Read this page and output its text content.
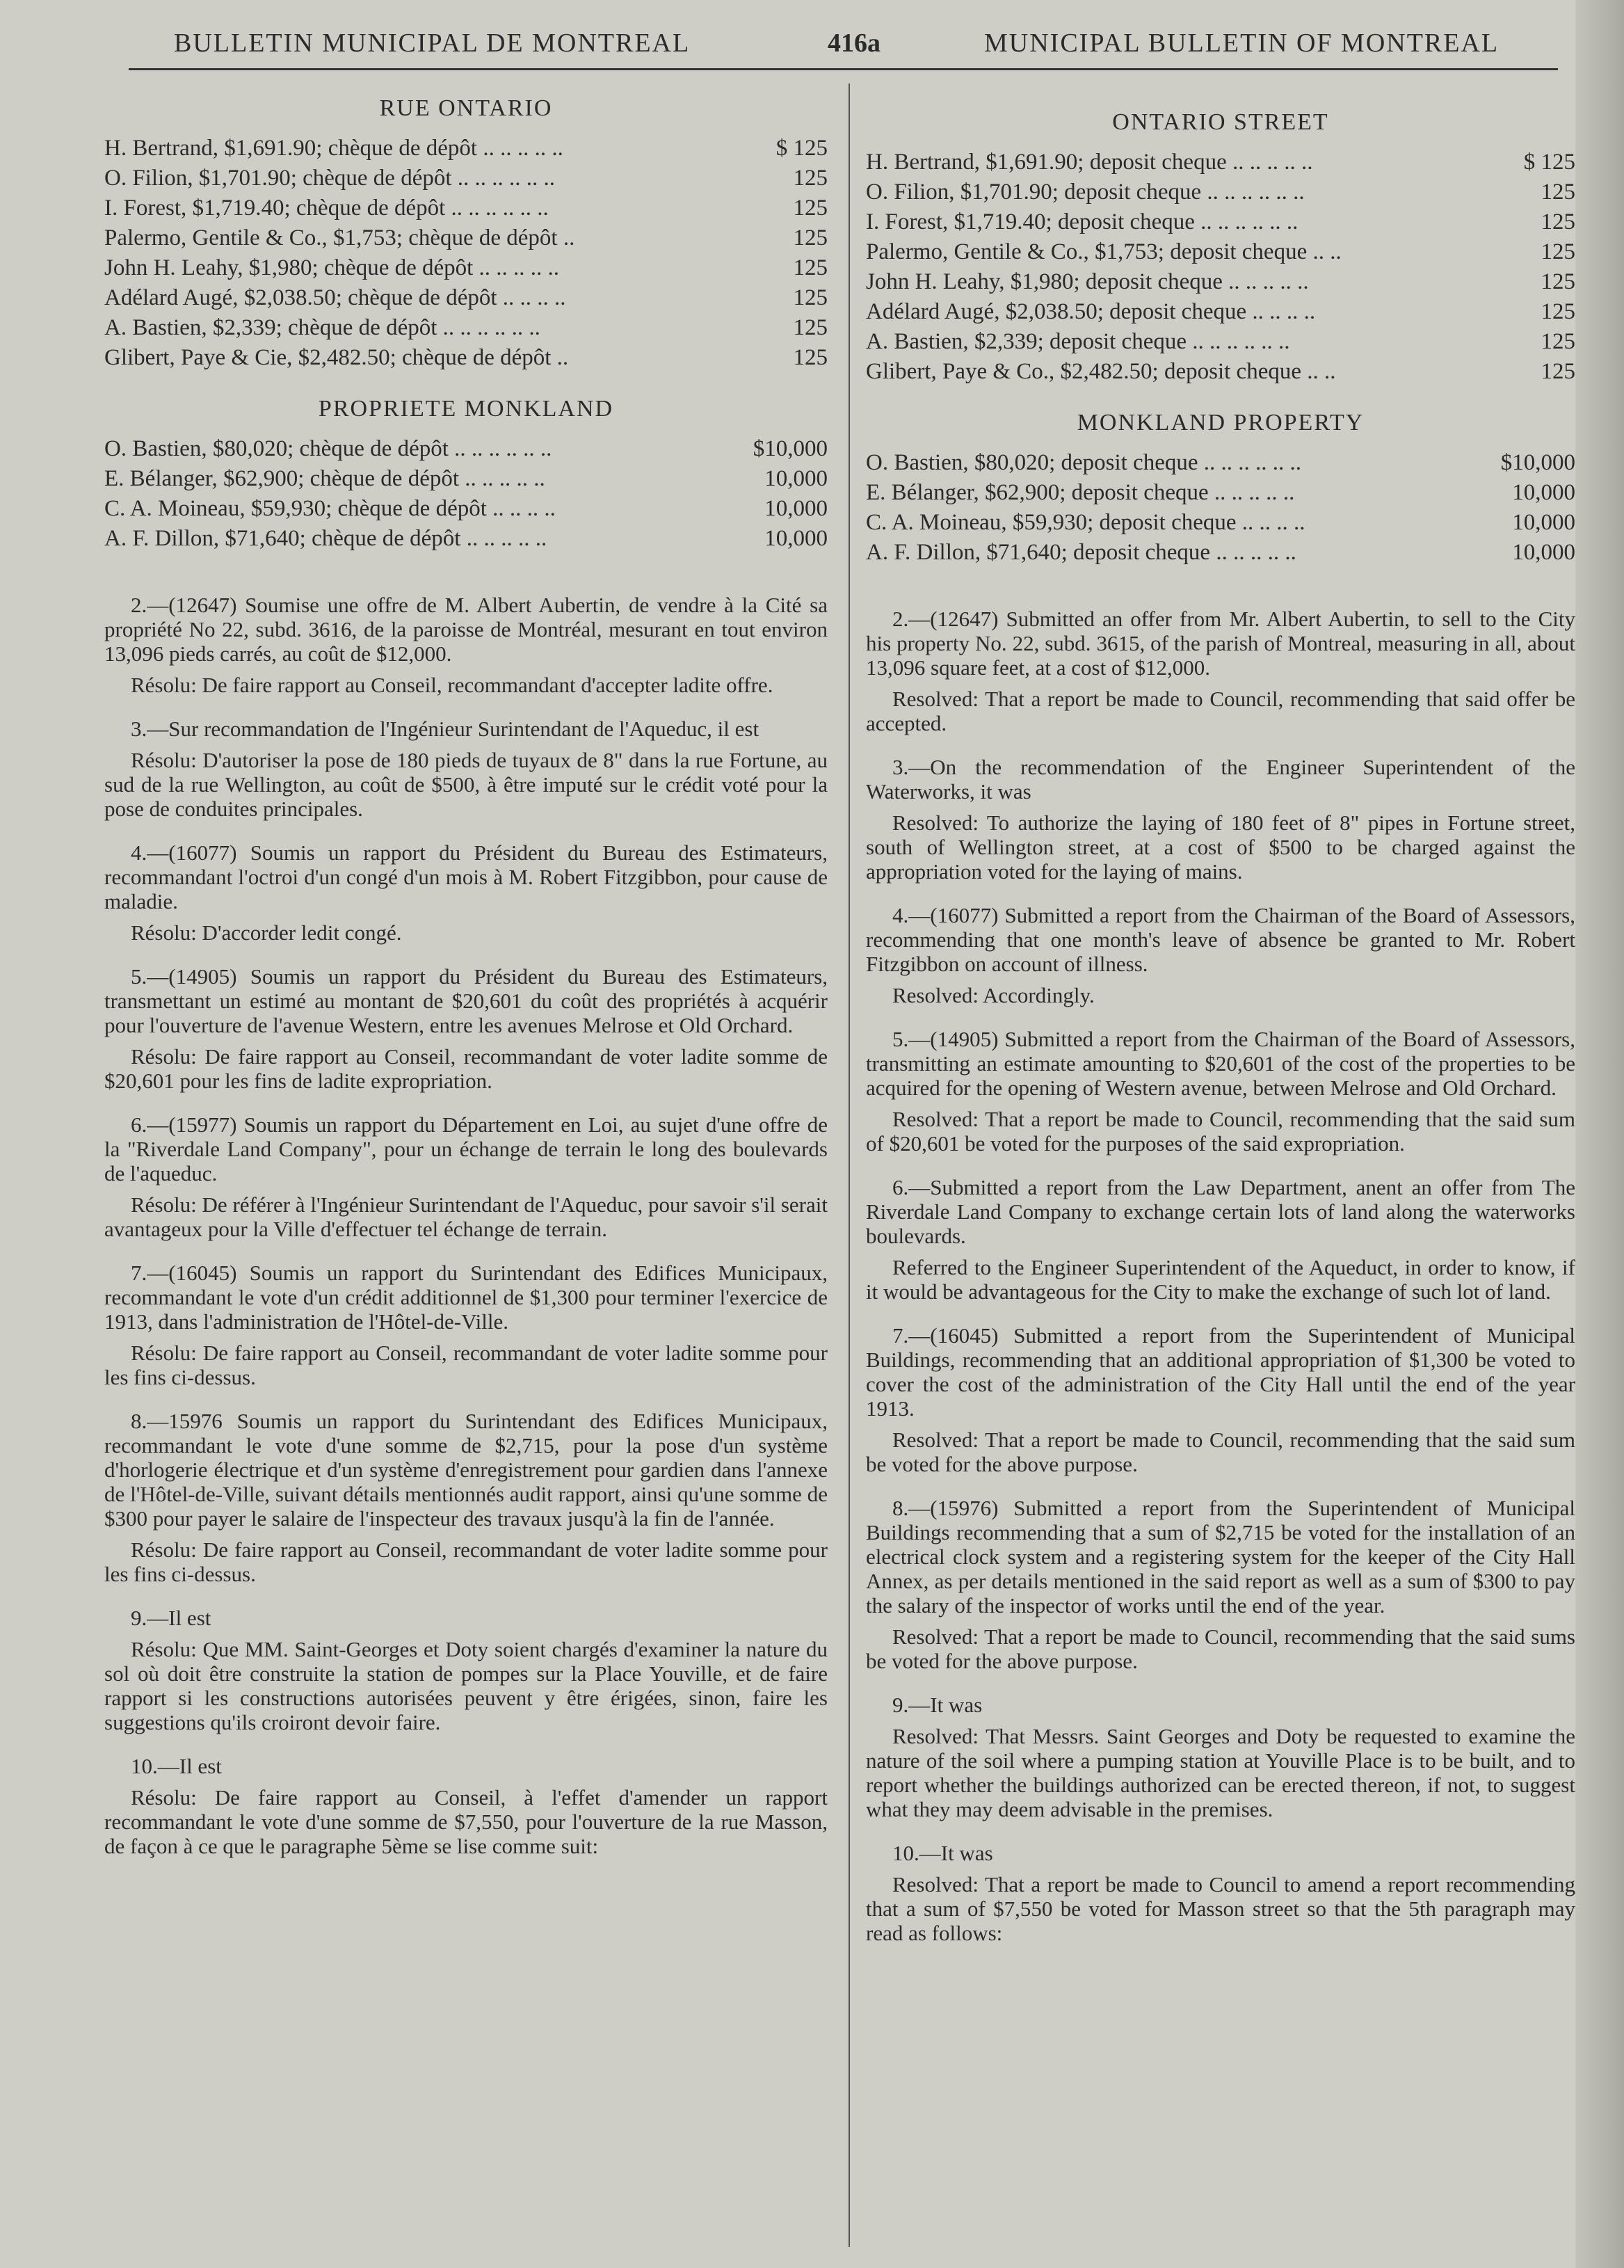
BULLETIN MUNICIPAL DE MONTREAL	416a	MUNICIPAL BULLETIN OF MONTREAL
RUE ONTARIO
H. Bertrand, $1,691.90; chèque de dépôt .. .. .. .. ..	$ 125
O. Filion, $1,701.90; chèque de dépôt .. .. .. .. .. ..	125
I. Forest, $1,719.40; chèque de dépôt .. .. .. .. .. ..	125
Palermo, Gentile & Co., $1,753; chèque de dépôt ..	125
John H. Leahy, $1,980; chèque de dépôt .. .. .. .. ..	125
Adélard Augé, $2,038.50; chèque de dépôt .. .. .. ..	125
A. Bastien, $2,339; chèque de dépôt .. .. .. .. .. ..	125
Glibert, Paye & Cie, $2,482.50; chèque de dépôt ..	125
PROPRIETE MONKLAND
O. Bastien, $80,020; chèque de dépôt .. .. .. .. .. ..	$10,000
E. Bélanger, $62,900; chèque de dépôt .. .. .. .. ..	10,000
C. A. Moineau, $59,930; chèque de dépôt .. .. .. ..	10,000
A. F. Dillon, $71,640; chèque de dépôt .. .. .. .. ..	10,000

2.—(12647) Soumise une offre de M. Albert Aubertin, de vendre à la Cité sa propriété No 22, subd. 3616, de la paroisse de Montréal, mesurant en tout environ 13,096 pieds carrés, au coût de $12,000.

Résolu: De faire rapport au Conseil, recommandant d'accepter ladite offre.

3.—Sur recommandation de l'Ingénieur Surintendant de l'Aqueduc, il est

Résolu: D'autoriser la pose de 180 pieds de tuyaux de 8" dans la rue Fortune, au sud de la rue Wellington, au coût de $500, à être imputé sur le crédit voté pour la pose de conduites principales.

4.—(16077) Soumis un rapport du Président du Bureau des Estimateurs, recommandant l'octroi d'un congé d'un mois à M. Robert Fitzgibbon, pour cause de maladie.

Résolu: D'accorder ledit congé.

5.—(14905) Soumis un rapport du Président du Bureau des Estimateurs, transmettant un estimé au montant de $20,601 du coût des propriétés à acquérir pour l'ouverture de l'avenue Western, entre les avenues Melrose et Old Orchard.

Résolu: De faire rapport au Conseil, recommandant de voter ladite somme de $20,601 pour les fins de ladite expropriation.

6.—(15977) Soumis un rapport du Département en Loi, au sujet d'une offre de la "Riverdale Land Company", pour un échange de terrain le long des boulevards de l'aqueduc.

Résolu: De référer à l'Ingénieur Surintendant de l'Aqueduc, pour savoir s'il serait avantageux pour la Ville d'effectuer tel échange de terrain.

7.—(16045) Soumis un rapport du Surintendant des Edifices Municipaux, recommandant le vote d'un crédit additionnel de $1,300 pour terminer l'exercice de 1913, dans l'administration de l'Hôtel-de-Ville.

Résolu: De faire rapport au Conseil, recommandant de voter ladite somme pour les fins ci-dessus.

8.—15976 Soumis un rapport du Surintendant des Edifices Municipaux, recommandant le vote d'une somme de $2,715, pour la pose d'un système d'horlogerie électrique et d'un système d'enregistrement pour gardien dans l'annexe de l'Hôtel-de-Ville, suivant détails mentionnés audit rapport, ainsi qu'une somme de $300 pour payer le salaire de l'inspecteur des travaux jusqu'à la fin de l'année.

Résolu: De faire rapport au Conseil, recommandant de voter ladite somme pour les fins ci-dessus.

9.—Il est

Résolu: Que MM. Saint-Georges et Doty soient chargés d'examiner la nature du sol où doit être construite la station de pompes sur la Place Youville, et de faire rapport si les constructions autorisées peuvent y être érigées, sinon, faire les suggestions qu'ils croiront devoir faire.

10.—Il est

Résolu: De faire rapport au Conseil, à l'effet d'amender un rapport recommandant le vote d'une somme de $7,550, pour l'ouverture de la rue Masson, de façon à ce que le paragraphe 5ème se lise comme suit:

ONTARIO STREET
H. Bertrand, $1,691.90; deposit cheque .. .. .. .. ..	$ 125
O. Filion, $1,701.90; deposit cheque .. .. .. .. .. ..	125
I. Forest, $1,719.40; deposit cheque .. .. .. .. .. ..	125
Palermo, Gentile & Co., $1,753; deposit cheque .. ..	125
John H. Leahy, $1,980; deposit cheque .. .. .. .. ..	125
Adélard Augé, $2,038.50; deposit cheque .. .. .. ..	125
A. Bastien, $2,339; deposit cheque .. .. .. .. .. ..	125
Glibert, Paye & Co., $2,482.50; deposit cheque .. ..	125
MONKLAND PROPERTY
O. Bastien, $80,020; deposit cheque .. .. .. .. .. ..	$10,000
E. Bélanger, $62,900; deposit cheque .. .. .. .. ..	10,000
C. A. Moineau, $59,930; deposit cheque .. .. .. ..	10,000
A. F. Dillon, $71,640; deposit cheque .. .. .. .. ..	10,000

2.—(12647) Submitted an offer from Mr. Albert Aubertin, to sell to the City his property No. 22, subd. 3615, of the parish of Montreal, measuring in all, about 13,096 square feet, at a cost of $12,000.

Resolved: That a report be made to Council, recommending that said offer be accepted.

3.—On the recommendation of the Engineer Superintendent of the Waterworks, it was

Resolved: To authorize the laying of 180 feet of 8" pipes in Fortune street, south of Wellington street, at a cost of $500 to be charged against the appropriation voted for the laying of mains.

4.—(16077) Submitted a report from the Chairman of the Board of Assessors, recommending that one month's leave of absence be granted to Mr. Robert Fitzgibbon on account of illness.

Resolved: Accordingly.

5.—(14905) Submitted a report from the Chairman of the Board of Assessors, transmitting an estimate amounting to $20,601 of the cost of the properties to be acquired for the opening of Western avenue, between Melrose and Old Orchard.

Resolved: That a report be made to Council, recommending that the said sum of $20,601 be voted for the purposes of the said expropriation.

6.—Submitted a report from the Law Department, anent an offer from The Riverdale Land Company to exchange certain lots of land along the waterworks boulevards.

Referred to the Engineer Superintendent of the Aqueduct, in order to know, if it would be advantageous for the City to make the exchange of such lot of land.

7.—(16045) Submitted a report from the Superintendent of Municipal Buildings, recommending that an additional appropriation of $1,300 be voted to cover the cost of the administration of the City Hall until the end of the year 1913.

Resolved: That a report be made to Council, recommending that the said sum be voted for the above purpose.

8.—(15976) Submitted a report from the Superintendent of Municipal Buildings recommending that a sum of $2,715 be voted for the installation of an electrical clock system and a registering system for the keeper of the City Hall Annex, as per details mentioned in the said report as well as a sum of $300 to pay the salary of the inspector of works until the end of the year.

Resolved: That a report be made to Council, recommending that the said sums be voted for the above purpose.

9.—It was

Resolved: That Messrs. Saint Georges and Doty be requested to examine the nature of the soil where a pumping station at Youville Place is to be built, and to report whether the buildings authorized can be erected thereon, if not, to suggest what they may deem advisable in the premises.

10.—It was

Resolved: That a report be made to Council to amend a report recommending that a sum of $7,550 be voted for Masson street so that the 5th paragraph may read as follows:
